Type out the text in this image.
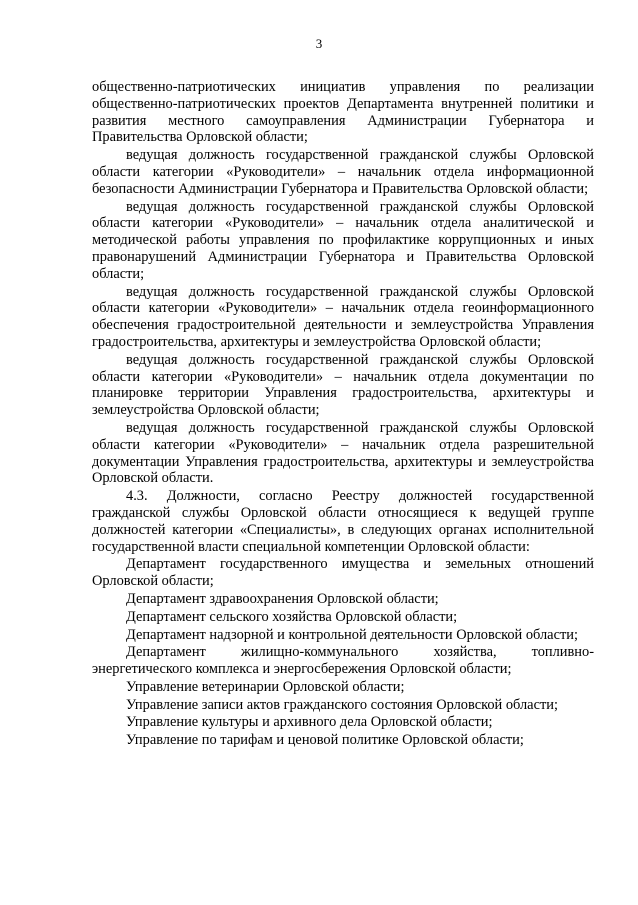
3

общественно-патриотических инициатив управления по реализации общественно-патриотических проектов Департамента внутренней политики и развития местного самоуправления Администрации Губернатора и Правительства Орловской области;

ведущая должность государственной гражданской службы Орловской области категории «Руководители» – начальник отдела информационной безопасности Администрации Губернатора и Правительства Орловской области;

ведущая должность государственной гражданской службы Орловской области категории «Руководители» – начальник отдела аналитической и методической работы управления по профилактике коррупционных и иных правонарушений Администрации Губернатора и Правительства Орловской области;

ведущая должность государственной гражданской службы Орловской области категории «Руководители» – начальник отдела геоинформационного обеспечения градостроительной деятельности и землеустройства Управления градостроительства, архитектуры и землеустройства Орловской области;

ведущая должность государственной гражданской службы Орловской области категории «Руководители» – начальник отдела документации по планировке территории Управления градостроительства, архитектуры и землеустройства Орловской области;

ведущая должность государственной гражданской службы Орловской области категории «Руководители» – начальник отдела разрешительной документации Управления градостроительства, архитектуры и землеустройства Орловской области.

4.3. Должности, согласно Реестру должностей государственной гражданской службы Орловской области относящиеся к ведущей группе должностей категории «Специалисты», в следующих органах исполнительной государственной власти специальной компетенции Орловской области:

Департамент государственного имущества и земельных отношений Орловской области;

Департамент здравоохранения Орловской области;

Департамент сельского хозяйства Орловской области;

Департамент надзорной и контрольной деятельности Орловской области;

Департамент жилищно-коммунального хозяйства, топливно-энергетического комплекса и энергосбережения Орловской области;

Управление ветеринарии Орловской области;

Управление записи актов гражданского состояния Орловской области;

Управление культуры и архивного дела Орловской области;

Управление по тарифам и ценовой политике Орловской области;
